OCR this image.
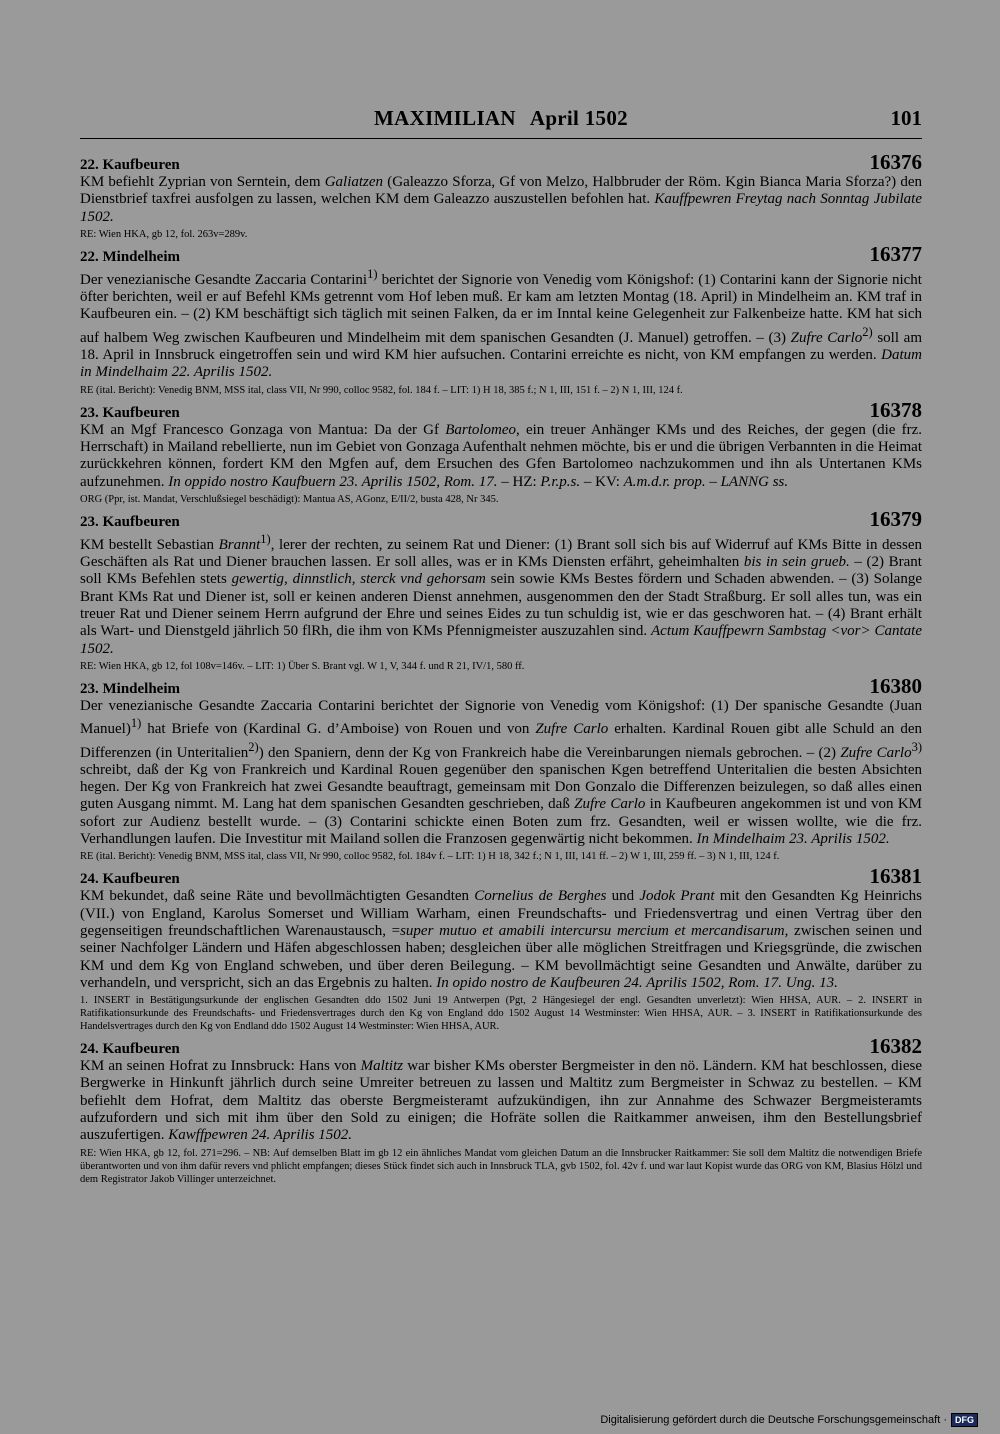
MAXIMILIAN April 1502	101
22. Kaufbeuren	16376

KM befiehlt Zyprian von Serntein, dem Galiatzen (Galeazzo Sforza, Gf von Melzo, Halbbruder der Röm. Kgin Bianca Maria Sforza?) den Dienstbrief taxfrei ausfolgen zu lassen, welchen KM dem Galeazzo auszustellen befohlen hat. Kauffpewren Freytag nach Sonntag Jubilate 1502.

RE: Wien HKA, gb 12, fol. 263v=289v.

22. Mindelheim	16377

Der venezianische Gesandte Zaccaria Contarini$^{1)}$ berichtet der Signorie von Venedig vom Königshof: (1) Contarini kann der Signorie nicht öfter berichten, weil er auf Befehl KMs getrennt vom Hof leben muß. Er kam am letzten Montag (18. April) in Mindelheim an. KM traf in Kaufbeuren ein. – (2) KM beschäftigt sich täglich mit seinen Falken, da er im Inntal keine Gelegenheit zur Falkenbeize hatte. KM hat sich auf halbem Weg zwischen Kaufbeuren und Mindelheim mit dem spanischen Gesandten (J. Manuel) getroffen. – (3) Zufre Carlo$^{2)}$ soll am 18. April in Innsbruck eingetroffen sein und wird KM hier aufsuchen. Contarini erreichte es nicht, von KM empfangen zu werden. Datum in Mindelhaim 22. Aprilis 1502.

RE (ital. Bericht): Venedig BNM, MSS ital, class VII, Nr 990, colloc 9582, fol. 184 f. – LIT: 1) H 18, 385 f.; N 1, III, 151 f. – 2) N 1, III, 124 f.

23. Kaufbeuren	16378

KM an Mgf Francesco Gonzaga von Mantua: Da der Gf Bartolomeo, ein treuer Anhänger KMs und des Reiches, der gegen (die frz. Herrschaft) in Mailand rebellierte, nun im Gebiet von Gonzaga Aufenthalt nehmen möchte, bis er und die übrigen Verbannten in die Heimat zurückkehren können, fordert KM den Mgfen auf, dem Ersuchen des Gfen Bartolomeo nachzukommen und ihn als Untertanen KMs aufzunehmen. In oppido nostro Kaufbuern 23. Aprilis 1502, Rom. 17. – HZ: P.r.p.s. – KV: A.m.d.r. prop. – LANNG ss.

ORG (Ppr, ist. Mandat, Verschlußsiegel beschädigt): Mantua AS, AGonz, E/II/2, busta 428, Nr 345.

23. Kaufbeuren	16379

KM bestellt Sebastian Brannt$^{1)}$, lerer der rechten, zu seinem Rat und Diener: (1) Brant soll sich bis auf Widerruf auf KMs Bitte in dessen Geschäften als Rat und Diener brauchen lassen. Er soll alles, was er in KMs Diensten erfährt, geheimhalten bis in sein grueb. – (2) Brant soll KMs Befehlen stets gewertig, dinnstlich, sterck vnd gehorsam sein sowie KMs Bestes fördern und Schaden abwenden. – (3) Solange Brant KMs Rat und Diener ist, soll er keinen anderen Dienst annehmen, ausgenommen den der Stadt Straßburg. Er soll alles tun, was ein treuer Rat und Diener seinem Herrn aufgrund der Ehre und seines Eides zu tun schuldig ist, wie er das geschworen hat. – (4) Brant erhält als Wart- und Dienstgeld jährlich 50 flRh, die ihm von KMs Pfennigmeister auszuzahlen sind. Actum Kauffpewrn Sambstag <vor> Cantate 1502.

RE: Wien HKA, gb 12, fol 108v=146v. – LIT: 1) Über S. Brant vgl. W 1, V, 344 f. und R 21, IV/1, 580 ff.

23. Mindelheim	16380

Der venezianische Gesandte Zaccaria Contarini berichtet der Signorie von Venedig vom Königshof: (1) Der spanische Gesandte (Juan Manuel)$^{1)}$ hat Briefe von (Kardinal G. d’Amboise) von Rouen und von Zufre Carlo erhalten. Kardinal Rouen gibt alle Schuld an den Differenzen (in Unteritalien$^{2)}$) den Spaniern, denn der Kg von Frankreich habe die Vereinbarungen niemals gebrochen. – (2) Zufre Carlo$^{3)}$ schreibt, daß der Kg von Frankreich und Kardinal Rouen gegenüber den spanischen Kgen betreffend Unteritalien die besten Absichten hegen. Der Kg von Frankreich hat zwei Gesandte beauftragt, gemeinsam mit Don Gonzalo die Differenzen beizulegen, so daß alles einen guten Ausgang nimmt. M. Lang hat dem spanischen Gesandten geschrieben, daß Zufre Carlo in Kaufbeuren angekommen ist und von KM sofort zur Audienz bestellt wurde. – (3) Contarini schickte einen Boten zum frz. Gesandten, weil er wissen wollte, wie die frz. Verhandlungen laufen. Die Investitur mit Mailand sollen die Franzosen gegenwärtig nicht bekommen. In Mindelhaim 23. Aprilis 1502.

RE (ital. Bericht): Venedig BNM, MSS ital, class VII, Nr 990, colloc 9582, fol. 184v f. – LIT: 1) H 18, 342 f.; N 1, III, 141 ff. – 2) W 1, III, 259 ff. – 3) N 1, III, 124 f.

24. Kaufbeuren	16381

KM bekundet, daß seine Räte und bevollmächtigten Gesandten Cornelius de Berghes und Jodok Prant mit den Gesandten Kg Heinrichs (VII.) von England, Karolus Somerset und William Warham, einen Freundschafts- und Friedensvertrag und einen Vertrag über den gegenseitigen freundschaftlichen Warenaustausch, =super mutuo et amabili intercursu mercium et mercandisarum, zwischen seinen und seiner Nachfolger Ländern und Häfen abgeschlossen haben; desgleichen über alle möglichen Streitfragen und Kriegsgründe, die zwischen KM und dem Kg von England schweben, und über deren Beilegung. – KM bevollmächtigt seine Gesandten und Anwälte, darüber zu verhandeln, und verspricht, sich an das Ergebnis zu halten. In opido nostro de Kaufbeuren 24. Aprilis 1502, Rom. 17. Ung. 13.

1. INSERT in Bestätigungsurkunde der englischen Gesandten ddo 1502 Juni 19 Antwerpen (Pgt, 2 Hängesiegel der engl. Gesandten unverletzt): Wien HHSA, AUR. – 2. INSERT in Ratifikationsurkunde des Freundschafts- und Friedensvertrages durch den Kg von England ddo 1502 August 14 Westminster: Wien HHSA, AUR. – 3. INSERT in Ratifikationsurkunde des Handelsvertrages durch den Kg von Endland ddo 1502 August 14 Westminster: Wien HHSA, AUR.

24. Kaufbeuren	16382

KM an seinen Hofrat zu Innsbruck: Hans von Maltitz war bisher KMs oberster Bergmeister in den nö. Ländern. KM hat beschlossen, diese Bergwerke in Hinkunft jährlich durch seine Umreiter betreuen zu lassen und Maltitz zum Bergmeister in Schwaz zu bestellen. – KM befiehlt dem Hofrat, dem Maltitz das oberste Bergmeisteramt aufzukündigen, ihn zur Annahme des Schwazer Bergmeisteramts aufzufordern und sich mit ihm über den Sold zu einigen; die Hofräte sollen die Raitkammer anweisen, ihm den Bestellungsbrief auszufertigen. Kawffpewren 24. Aprilis 1502.

RE: Wien HKA, gb 12, fol. 271=296. – NB: Auf demselben Blatt im gb 12 ein ähnliches Mandat vom gleichen Datum an die Innsbrucker Raitkammer: Sie soll dem Maltitz die notwendigen Briefe überantworten und von ihm dafür revers vnd phlicht empfangen; dieses Stück findet sich auch in Innsbruck TLA, gvb 1502, fol. 42v f. und war laut Kopist wurde das ORG von KM, Blasius Hölzl und dem Registrator Jakob Villinger unterzeichnet.

Digitalisierung gefördert durch die Deutsche Forschungsgemeinschaft · DFG
